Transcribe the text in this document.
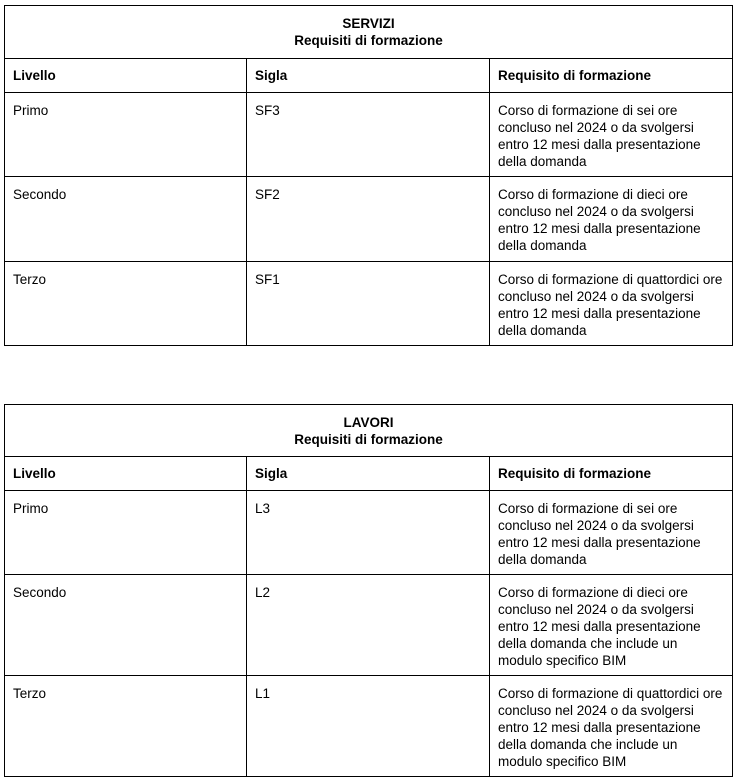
SERVIZI
Requisiti di formazione		

Livello	Sigla	Requisito di formazione
Primo	SF3	Corso di formazione di sei ore concluso nel 2024 o da svolgersi entro 12 mesi dalla presentazione della domanda
Secondo	SF2	Corso di formazione di dieci ore concluso nel 2024 o da svolgersi entro 12 mesi dalla presentazione della domanda
Terzo	SF1	Corso di formazione di quattordici ore concluso nel 2024 o da svolgersi entro 12 mesi dalla presentazione della domanda
LAVORI
Requisiti di formazione		

Livello	Sigla	Requisito di formazione
Primo	L3	Corso di formazione di sei ore concluso nel 2024 o da svolgersi entro 12 mesi dalla presentazione della domanda
Secondo	L2	Corso di formazione di dieci ore concluso nel 2024 o da svolgersi entro 12 mesi dalla presentazione della domanda che include un modulo specifico BIM
Terzo	L1	Corso di formazione di quattordici ore concluso nel 2024 o da svolgersi entro 12 mesi dalla presentazione della domanda che include un modulo specifico BIM
